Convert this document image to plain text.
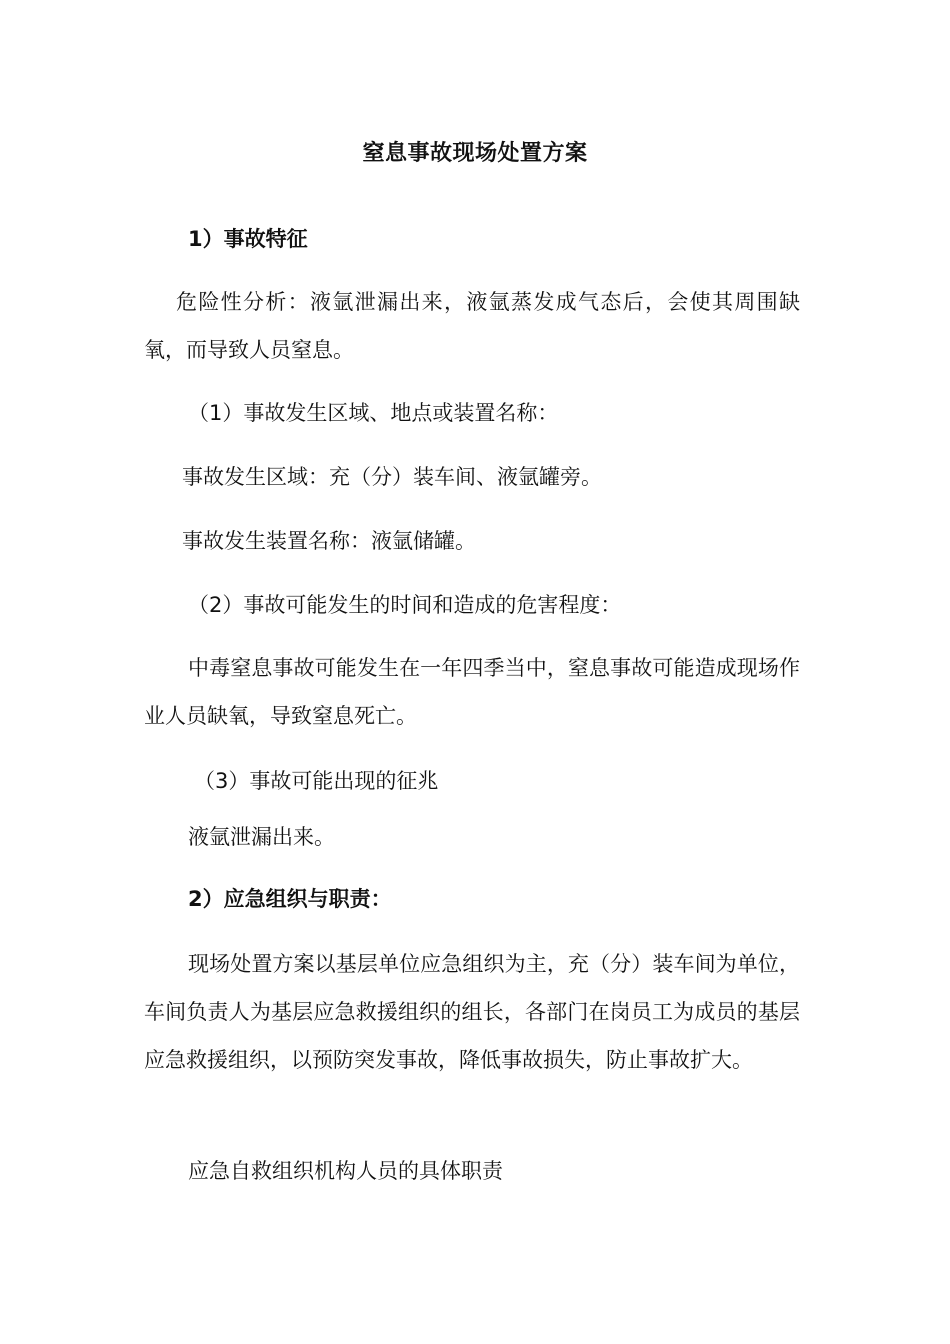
窒息事故现场处置方案
1）事故特征
危险性分析：液氩泄漏出来，液氩蒸发成气态后，会使其周围缺氧，而导致人员窒息。
（1）事故发生区域、地点或装置名称：
事故发生区域：充（分）装车间、液氩罐旁。
事故发生装置名称：液氩储罐。
（2）事故可能发生的时间和造成的危害程度：
中毒窒息事故可能发生在一年四季当中，窒息事故可能造成现场作业人员缺氧，导致窒息死亡。
（3）事故可能出现的征兆
液氩泄漏出来。
2）应急组织与职责：
现场处置方案以基层单位应急组织为主，充（分）装车间为单位，车间负责人为基层应急救援组织的组长，各部门在岗员工为成员的基层应急救援组织，以预防突发事故，降低事故损失，防止事故扩大。
应急自救组织机构人员的具体职责
